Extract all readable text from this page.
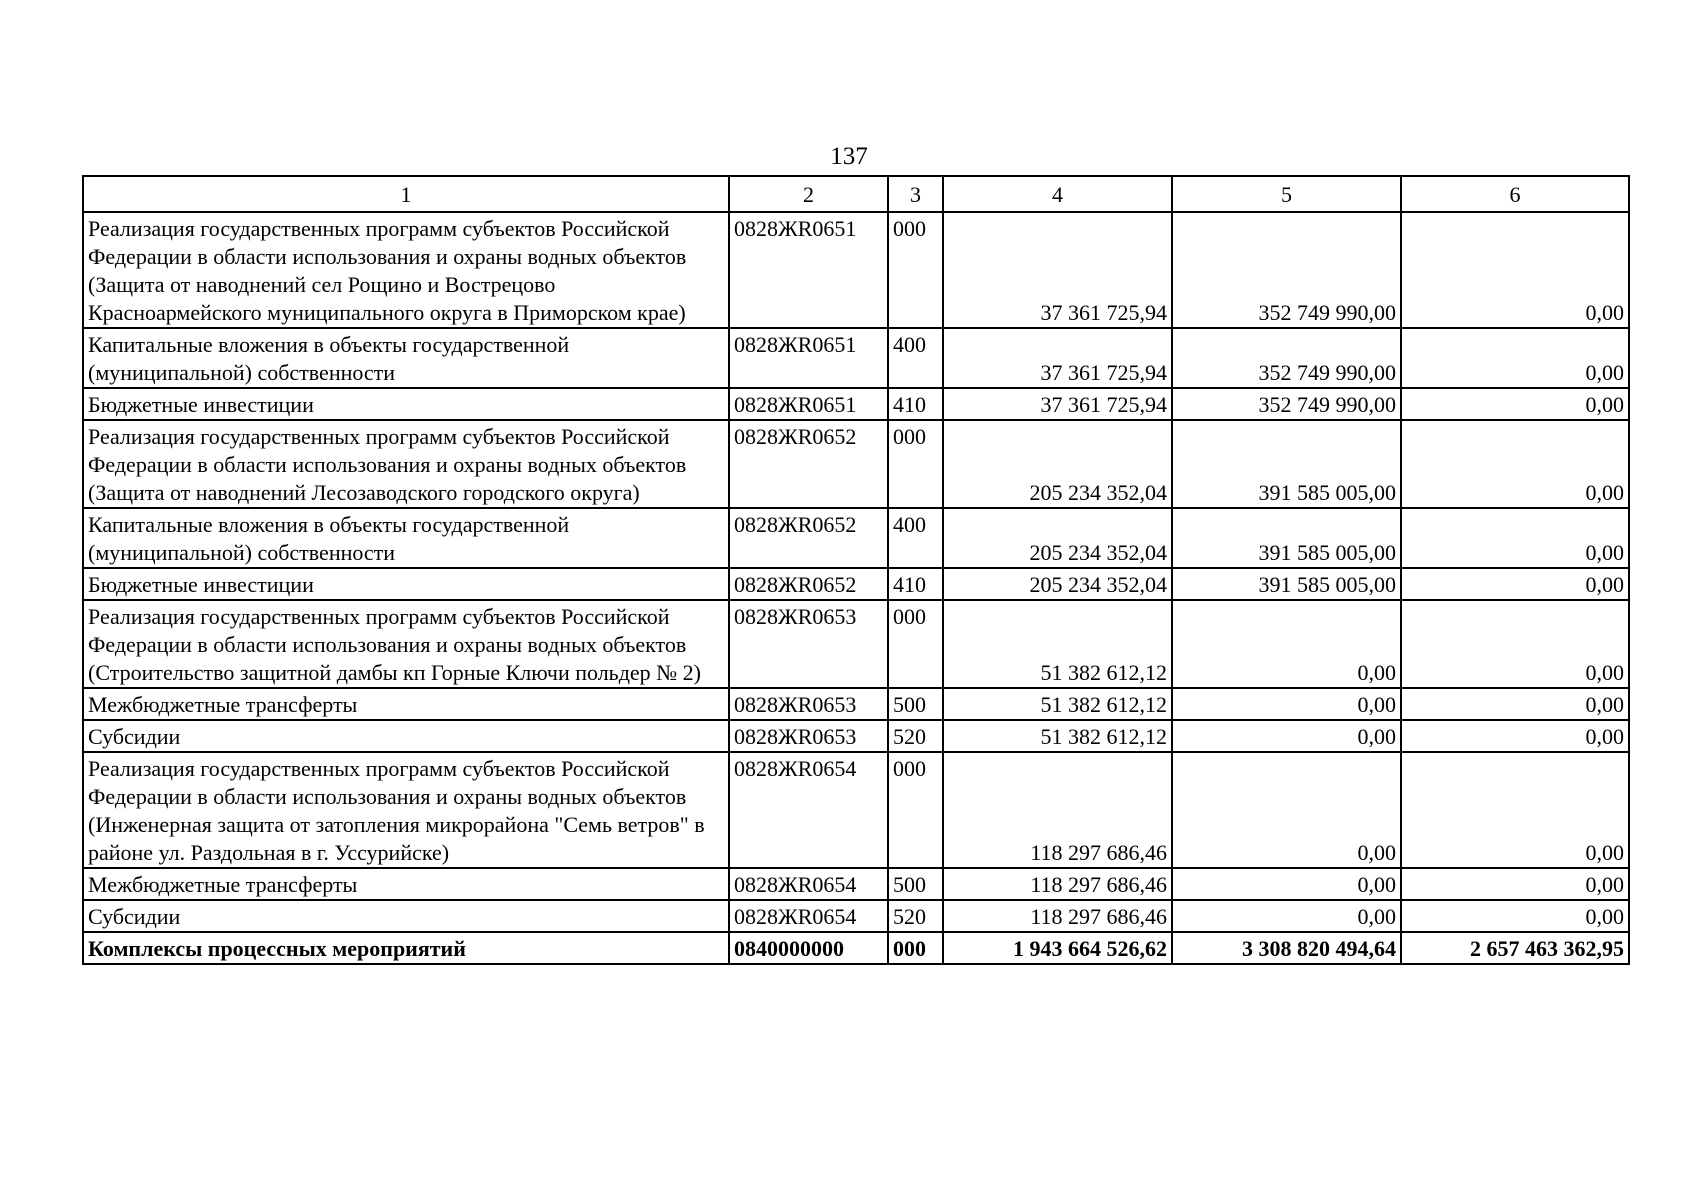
137
1	2	3	4	5	6
Реализация государственных программ субъектов Российской Федерации в области использования и охраны водных объектов (Защита от наводнений сел Рощино и Вострецово Красноармейского муниципального округа в Приморском крае)	0828ЖR0651	000	37 361 725,94	352 749 990,00	0,00
Капитальные вложения в объекты государственной (муниципальной) собственности	0828ЖR0651	400	37 361 725,94	352 749 990,00	0,00
Бюджетные инвестиции	0828ЖR0651	410	37 361 725,94	352 749 990,00	0,00
Реализация государственных программ субъектов Российской Федерации в области использования и охраны водных объектов (Защита от наводнений Лесозаводского городского округа)	0828ЖR0652	000	205 234 352,04	391 585 005,00	0,00
Капитальные вложения в объекты государственной (муниципальной) собственности	0828ЖR0652	400	205 234 352,04	391 585 005,00	0,00
Бюджетные инвестиции	0828ЖR0652	410	205 234 352,04	391 585 005,00	0,00
Реализация государственных программ субъектов Российской Федерации в области использования и охраны водных объектов (Строительство защитной дамбы кп Горные Ключи польдер № 2)	0828ЖR0653	000	51 382 612,12	0,00	0,00
Межбюджетные трансферты	0828ЖR0653	500	51 382 612,12	0,00	0,00
Субсидии	0828ЖR0653	520	51 382 612,12	0,00	0,00
Реализация государственных программ субъектов Российской Федерации в области использования и охраны водных объектов (Инженерная защита от затопления микрорайона "Семь ветров" в районе ул. Раздольная в г. Уссурийске)	0828ЖR0654	000	118 297 686,46	0,00	0,00
Межбюджетные трансферты	0828ЖR0654	500	118 297 686,46	0,00	0,00
Субсидии	0828ЖR0654	520	118 297 686,46	0,00	0,00
Комплексы процессных мероприятий	0840000000	000	1 943 664 526,62	3 308 820 494,64	2 657 463 362,95
